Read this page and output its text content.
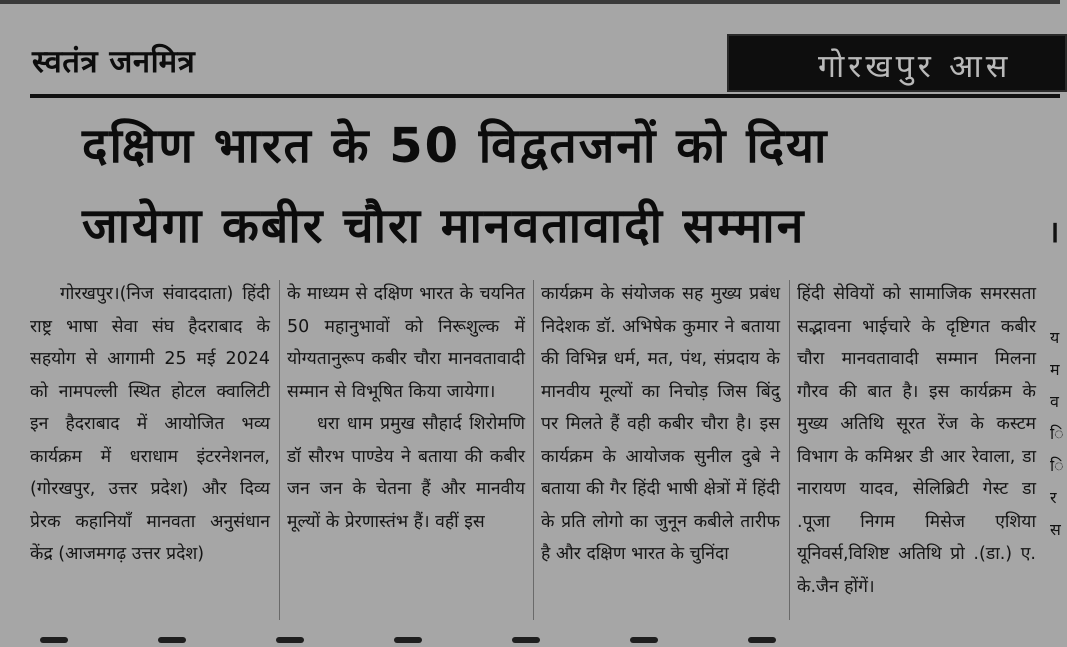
स्वतंत्र जनमित्र	गोरखपुर आस
दक्षिण भारत के 50 विद्वतजनों को दिया
जायेगा कबीर चौरा मानवतावादी सम्मान	।

गोरखपुर।(निज संवाददाता) हिंदी राष्ट्र भाषा सेवा संघ हैदराबाद के सहयोग से आगामी 25 मई 2024 को नामपल्ली स्थित होटल क्वालिटी इन हैदराबाद में आयोजित भव्य कार्यक्रम में धराधाम इंटरनेशनल, (गोरखपुर, उत्तर प्रदेश) और दिव्य प्रेरक कहानियाँ मानवता अनुसंधान केंद्र (आजमगढ़ उत्तर प्रदेश)

के माध्यम से दक्षिण भारत के चयनित 50 महानुभावों को निरूशुल्क में योग्यतानुरूप कबीर चौरा मानवतावादी सम्मान से विभूषित किया जायेगा।

धरा धाम प्रमुख सौहार्द शिरोमणि डॉ सौरभ पाण्डेय ने बताया की कबीर जन जन के चेतना हैं और मानवीय मूल्यों के प्रेरणास्तंभ हैं। वहीं इस

कार्यक्रम के संयोजक सह मुख्य प्रबंध निदेशक डॉ. अभिषेक कुमार ने बताया की विभिन्न धर्म, मत, पंथ, संप्रदाय के मानवीय मूल्यों का निचोड़ जिस बिंदु पर मिलते हैं वही कबीर चौरा है। इस कार्यक्रम के आयोजक सुनील दुबे ने बताया की गैर हिंदी भाषी क्षेत्रों में हिंदी के प्रति लोगो का जुनून कबीले तारीफ है और दक्षिण भारत के चुनिंदा

हिंदी सेवियों को सामाजिक समरसता सद्भावना भाईचारे के दृष्टिगत कबीर चौरा मानवतावादी सम्मान मिलना गौरव की बात है। इस कार्यक्रम के मुख्य अतिथि सूरत रेंज के कस्टम विभाग के कमिश्नर डी आर रेवाला, डा नारायण यादव, सेलिब्रिटी गेस्ट डा .पूजा निगम मिसेज एशिया यूनिवर्स,विशिष्ट अतिथि प्रो .(डा.) ए. के.जैन होंगें।

य म व ि ि र स
